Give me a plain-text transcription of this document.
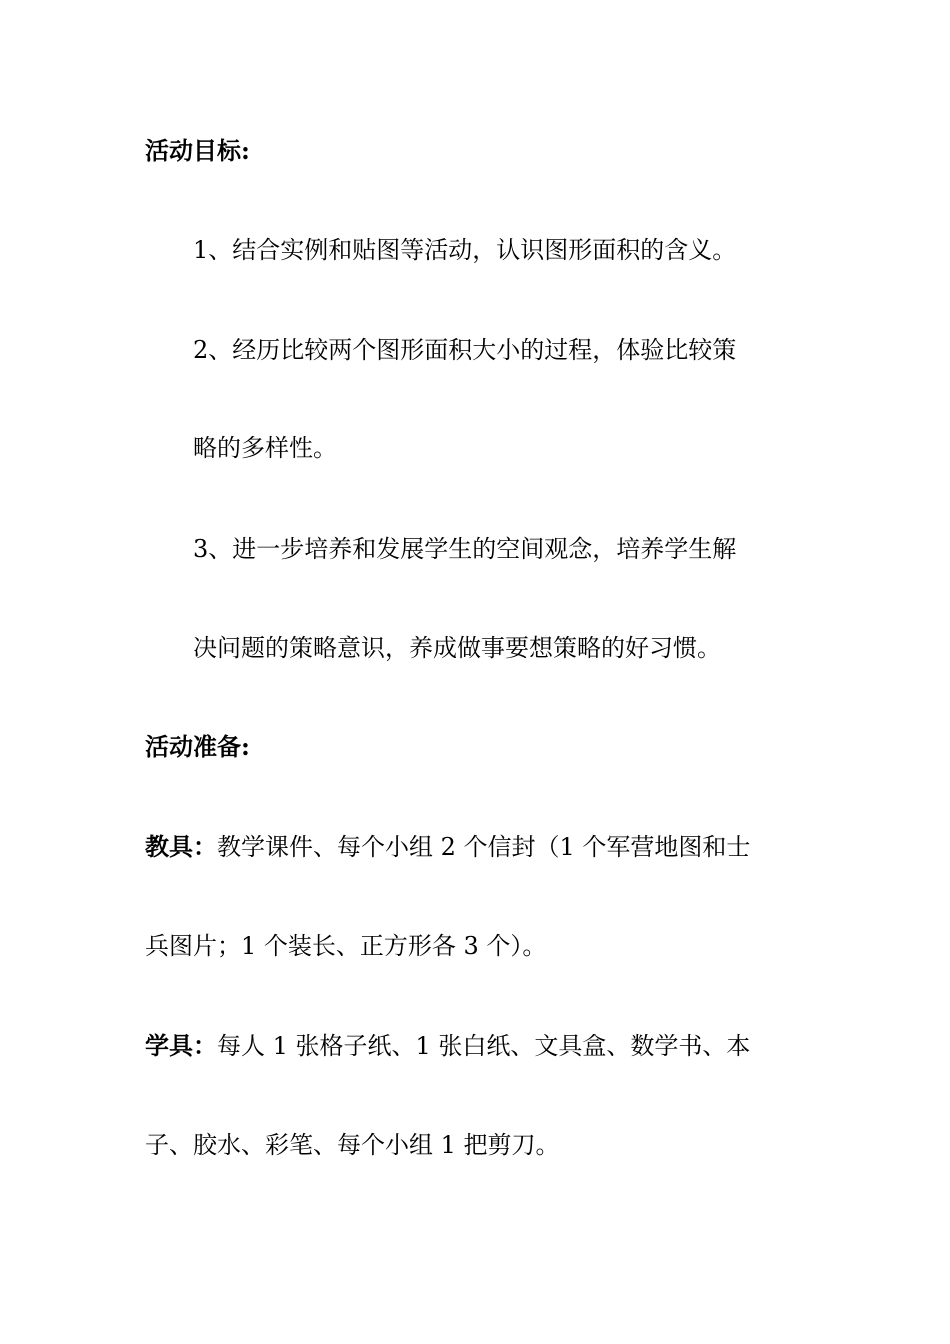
活动目标:
1、结合实例和贴图等活动，认识图形面积的含义。
2、经历比较两个图形面积大小的过程，体验比较策
略的多样性。
3、进一步培养和发展学生的空间观念，培养学生解
决问题的策略意识，养成做事要想策略的好习惯。
活动准备:
教具：教学课件、每个小组 2 个信封（1 个军营地图和士
兵图片；1 个装长、正方形各 3 个）。
学具：每人 1 张格子纸、1 张白纸、文具盒、数学书、本
子、胶水、彩笔、每个小组 1 把剪刀。
